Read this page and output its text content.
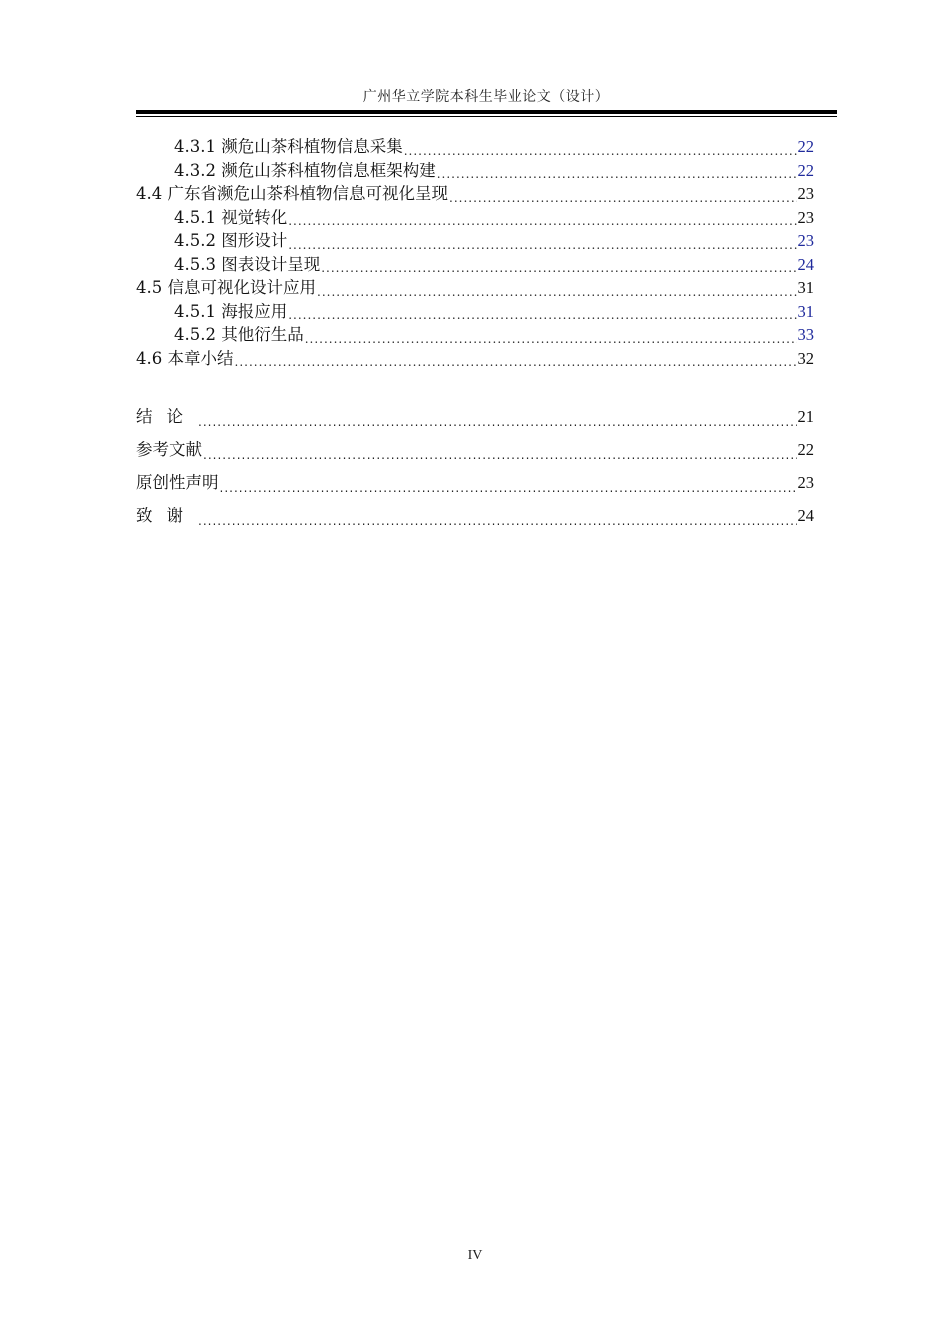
广州华立学院本科生毕业论文（设计）
4.3.1 濒危山茶科植物信息采集 .....	22
4.3.2 濒危山茶科植物信息框架构建 .....	22
4.4 广东省濒危山茶科植物信息可视化呈现 .....	23
4.5.1 视觉转化 .....	23
4.5.2 图形设计 .....	23
4.5.3 图表设计呈现 .....	24
4.5 信息可视化设计应用 .....	31
4.5.1 海报应用 .....	31
4.5.2 其他衍生品 .....	33
4.6 本章小结 .....	32
结论 .....	21
参考文献 .....	22
原创性声明 .....	23
致谢 .....	24
IV
